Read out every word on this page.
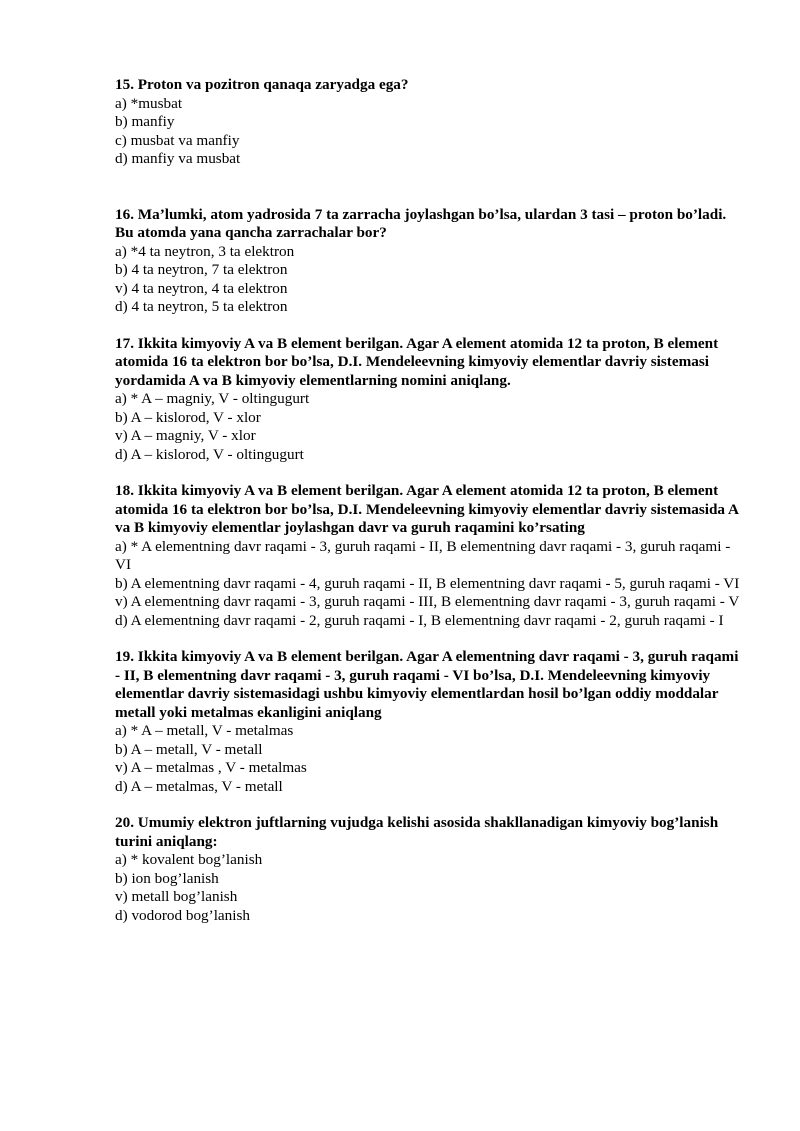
15. Proton va pozitron qanaqa zaryadga ega?

a) *musbat

b) manfiy

c) musbat va manfiy

d) manfiy va musbat

16. Ma’lumki, atom yadrosida 7 ta zarracha joylashgan bo’lsa, ulardan 3 tasi – proton bo’ladi. Bu atomda yana qancha zarrachalar bor?

a) *4 ta neytron, 3 ta elektron

b) 4 ta neytron, 7 ta elektron

v) 4 ta neytron, 4 ta elektron

d) 4 ta neytron, 5 ta elektron

17. Ikkita kimyoviy A va B element berilgan. Agar A element atomida 12 ta proton, B element atomida 16 ta elektron bor bo’lsa, D.I. Mendeleevning kimyoviy elementlar davriy sistemasi yordamida A va B kimyoviy elementlarning nomini aniqlang.

a) * A – magniy, V - oltingugurt

b) A – kislorod, V - xlor

v) A – magniy, V - xlor

d) A – kislorod, V - oltingugurt

18. Ikkita kimyoviy A va B element berilgan. Agar A element atomida 12 ta proton, B element atomida 16 ta elektron bor bo’lsa, D.I. Mendeleevning kimyoviy elementlar davriy sistemasida A va B kimyoviy elementlar joylashgan davr va guruh raqamini ko’rsating

a) * A elementning davr raqami - 3, guruh raqami - II, B elementning davr raqami - 3, guruh raqami - VI

b) A elementning davr raqami - 4, guruh raqami - II, B elementning davr raqami - 5, guruh raqami - VI

v) A elementning davr raqami - 3, guruh raqami - III, B elementning davr raqami - 3, guruh raqami - V

d) A elementning davr raqami - 2, guruh raqami - I, B elementning davr raqami - 2, guruh raqami - I

19. Ikkita kimyoviy A va B element berilgan. Agar A elementning davr raqami - 3, guruh raqami - II, B elementning davr raqami - 3, guruh raqami - VI bo’lsa, D.I. Mendeleevning kimyoviy elementlar davriy sistemasidagi ushbu kimyoviy elementlardan hosil bo’lgan oddiy moddalar metall yoki metalmas ekanligini aniqlang

a) * A – metall, V - metalmas

b) A – metall, V - metall

v) A – metalmas , V - metalmas

d) A – metalmas, V - metall

20. Umumiy elektron juftlarning vujudga kelishi asosida shakllanadigan kimyoviy bog’lanish turini aniqlang:

a) * kovalent bog’lanish

b) ion bog’lanish

v) metall bog’lanish

d) vodorod bog’lanish
